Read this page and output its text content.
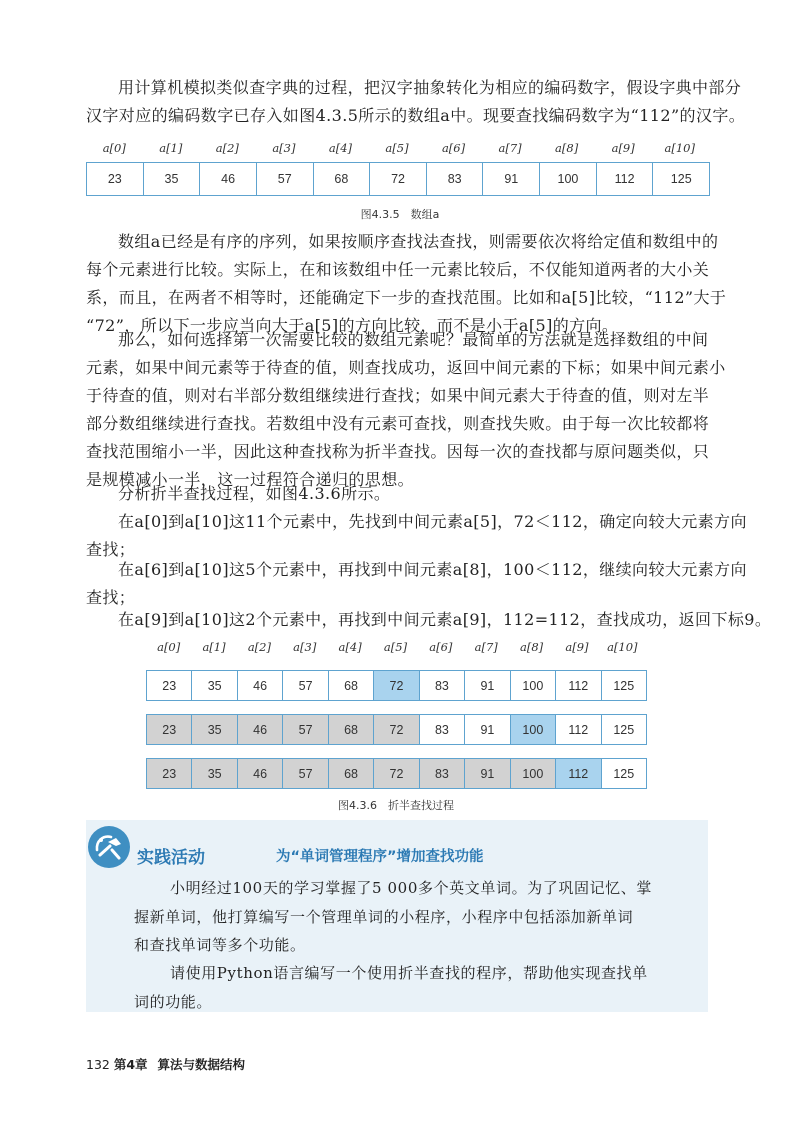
用计算机模拟类似查字典的过程，把汉字抽象转化为相应的编码数字，假设字典中部分
汉字对应的编码数字已存入如图4.3.5所示的数组a中。现要查找编码数字为“112”的汉字。
a[0]	a[1]	a[2]	a[3]	a[4]	a[5]	a[6]	a[7]	a[8]	a[9]	a[10]
23	35	46	57	68	72	83	91	100	112	125
图4.3.5　数组a
数组a已经是有序的序列，如果按顺序查找法查找，则需要依次将给定值和数组中的
每个元素进行比较。实际上，在和该数组中任一元素比较后，不仅能知道两者的大小关
系，而且，在两者不相等时，还能确定下一步的查找范围。比如和a[5]比较，“112”大于
“72”，所以下一步应当向大于a[5]的方向比较，而不是小于a[5]的方向。
那么，如何选择第一次需要比较的数组元素呢？最简单的方法就是选择数组的中间
元素，如果中间元素等于待查的值，则查找成功，返回中间元素的下标；如果中间元素小
于待查的值，则对右半部分数组继续进行查找；如果中间元素大于待查的值，则对左半
部分数组继续进行查找。若数组中没有元素可查找，则查找失败。由于每一次比较都将
查找范围缩小一半，因此这种查找称为折半查找。因每一次的查找都与原问题类似，只
是规模减小一半，这一过程符合递归的思想。
分析折半查找过程，如图4.3.6所示。
在a[0]到a[10]这11个元素中，先找到中间元素a[5]，72＜112，确定向较大元素方向
查找；
在a[6]到a[10]这5个元素中，再找到中间元素a[8]，100＜112，继续向较大元素方向
查找；
在a[9]到a[10]这2个元素中，再找到中间元素a[9]，112=112，查找成功，返回下标9。
a[0]	a[1]	a[2]	a[3]	a[4]	a[5]	a[6]	a[7]	a[8]	a[9]	a[10]
23	35	46	57	68	72	83	91	100	112	125
23	35	46	57	68	72	83	91	100	112	125
23	35	46	57	68	72	83	91	100	112	125
图4.3.6　折半查找过程
实践活动	为“单词管理程序”增加查找功能
小明经过100天的学习掌握了5 000多个英文单词。为了巩固记忆、掌
握新单词，他打算编写一个管理单词的小程序，小程序中包括添加新单词
和查找单词等多个功能。
请使用Python语言编写一个使用折半查找的程序，帮助他实现查找单
词的功能。
132 第4章 算法与数据结构
